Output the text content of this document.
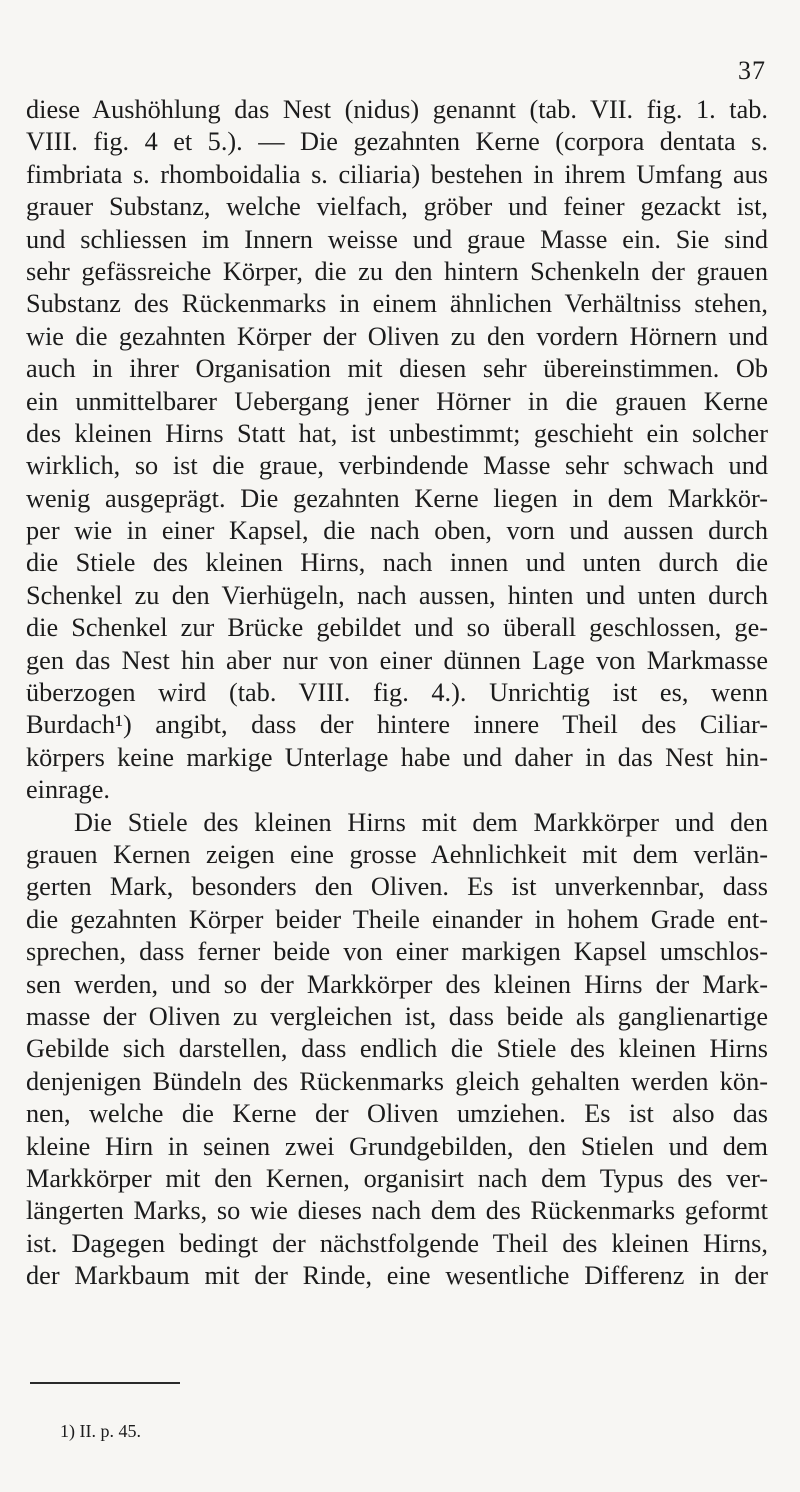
37
diese Aushöhlung das Nest (nidus) genannt (tab. VII. fig. 1. tab.
VIII. fig. 4 et 5.). — Die gezahnten Kerne (corpora dentata s.
fimbriata s. rhomboidalia s. ciliaria) bestehen in ihrem Umfang aus
grauer Substanz, welche vielfach, gröber und feiner gezackt ist,
und schliessen im Innern weisse und graue Masse ein. Sie sind
sehr gefässreiche Körper, die zu den hintern Schenkeln der grauen
Substanz des Rückenmarks in einem ähnlichen Verhältniss stehen,
wie die gezahnten Körper der Oliven zu den vordern Hörnern und
auch in ihrer Organisation mit diesen sehr übereinstimmen. Ob
ein unmittelbarer Uebergang jener Hörner in die grauen Kerne
des kleinen Hirns Statt hat, ist unbestimmt; geschieht ein solcher
wirklich, so ist die graue, verbindende Masse sehr schwach und
wenig ausgeprägt. Die gezahnten Kerne liegen in dem Markkör-
per wie in einer Kapsel, die nach oben, vorn und aussen durch
die Stiele des kleinen Hirns, nach innen und unten durch die
Schenkel zu den Vierhügeln, nach aussen, hinten und unten durch
die Schenkel zur Brücke gebildet und so überall geschlossen, ge-
gen das Nest hin aber nur von einer dünnen Lage von Markmasse
überzogen wird (tab. VIII. fig. 4.). Unrichtig ist es, wenn
Burdach¹) angibt, dass der hintere innere Theil des Ciliar-
körpers keine markige Unterlage habe und daher in das Nest hin-
einrage.
Die Stiele des kleinen Hirns mit dem Markkörper und den
grauen Kernen zeigen eine grosse Aehnlichkeit mit dem verlän-
gerten Mark, besonders den Oliven. Es ist unverkennbar, dass
die gezahnten Körper beider Theile einander in hohem Grade ent-
sprechen, dass ferner beide von einer markigen Kapsel umschlos-
sen werden, und so der Markkörper des kleinen Hirns der Mark-
masse der Oliven zu vergleichen ist, dass beide als ganglienartige
Gebilde sich darstellen, dass endlich die Stiele des kleinen Hirns
denjenigen Bündeln des Rückenmarks gleich gehalten werden kön-
nen, welche die Kerne der Oliven umziehen. Es ist also das
kleine Hirn in seinen zwei Grundgebilden, den Stielen und dem
Markkörper mit den Kernen, organisirt nach dem Typus des ver-
längerten Marks, so wie dieses nach dem des Rückenmarks geformt
ist. Dagegen bedingt der nächstfolgende Theil des kleinen Hirns,
der Markbaum mit der Rinde, eine wesentliche Differenz in der
1) II. p. 45.
